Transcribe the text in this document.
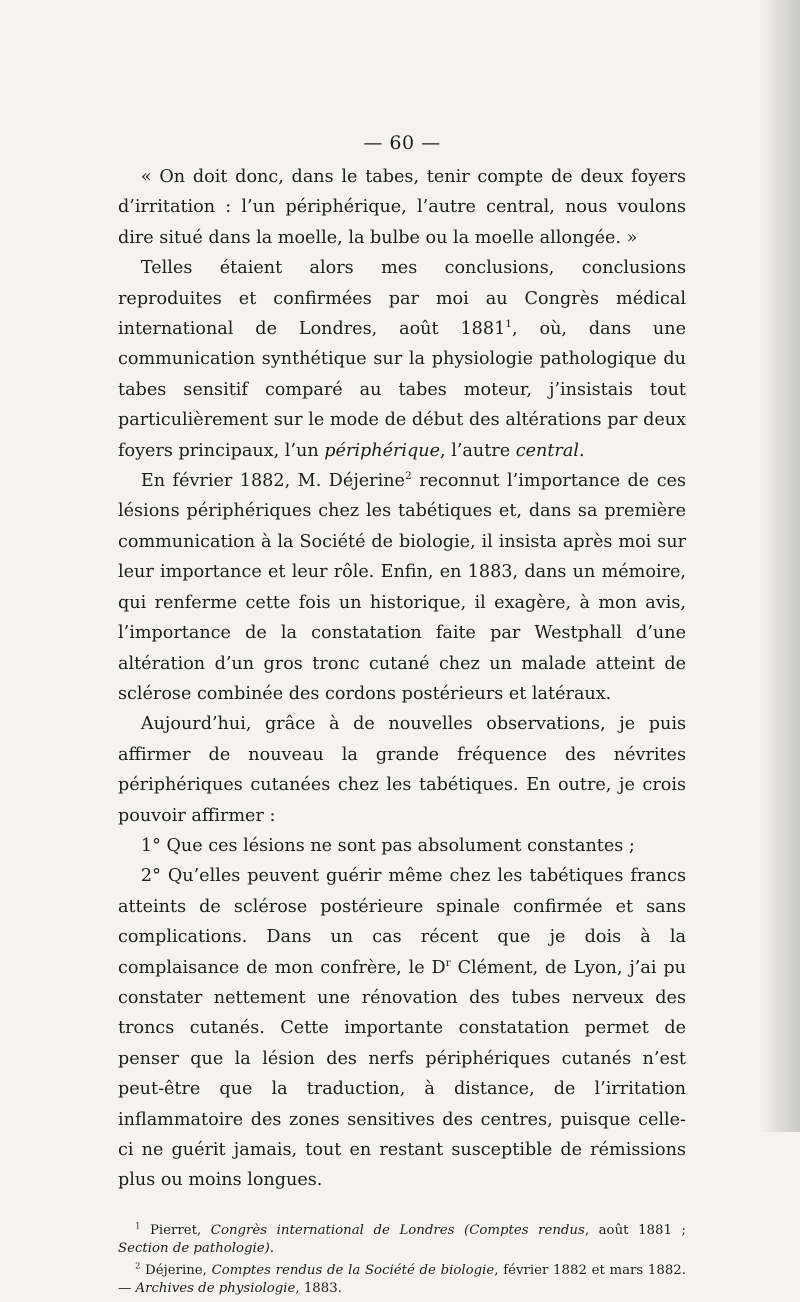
— 60 —

« On doit donc, dans le tabes, tenir compte de deux foyers d’irritation : l’un périphérique, l’autre central, nous voulons dire situé dans la moelle, la bulbe ou la moelle allongée. »

Telles étaient alors mes conclusions, conclusions reproduites et confirmées par moi au Congrès médical international de Londres, août 1881$^1$, où, dans une communication synthétique sur la physiologie pathologique du tabes sensitif comparé au tabes moteur, j’insistais tout particulièrement sur le mode de début des altérations par deux foyers principaux, l’un périphérique, l’autre central.

En février 1882, M. Déjerine$^2$ reconnut l’importance de ces lésions périphériques chez les tabétiques et, dans sa première communication à la Société de biologie, il insista après moi sur leur importance et leur rôle. Enfin, en 1883, dans un mémoire, qui renferme cette fois un historique, il exagère, à mon avis, l’importance de la constatation faite par Westphall d’une altération d’un gros tronc cutané chez un malade atteint de sclérose combinée des cordons postérieurs et latéraux.

Aujourd’hui, grâce à de nouvelles observations, je puis affirmer de nouveau la grande fréquence des névrites périphériques cutanées chez les tabétiques. En outre, je crois pouvoir affirmer :

1° Que ces lésions ne sont pas absolument constantes ;

2° Qu’elles peuvent guérir même chez les tabétiques francs atteints de sclérose postérieure spinale confirmée et sans complications. Dans un cas récent que je dois à la complaisance de mon confrère, le $D^r$ Clément, de Lyon, j’ai pu constater nettement une rénovation des tubes nerveux des troncs cutanés. Cette importante constatation permet de penser que la lésion des nerfs périphériques cutanés n’est peut-être que la traduction, à distance, de l’irritation inflammatoire des zones sensitives des centres, puisque celle-ci ne guérit jamais, tout en restant susceptible de rémissions plus ou moins longues.

$^1$ Pierret, Congrès international de Londres (Comptes rendus, août 1881 ; Section de pathologie).

$^2$ Déjerine, Comptes rendus de la Société de biologie, février 1882 et mars 1882. — Archives de physiologie, 1883.
